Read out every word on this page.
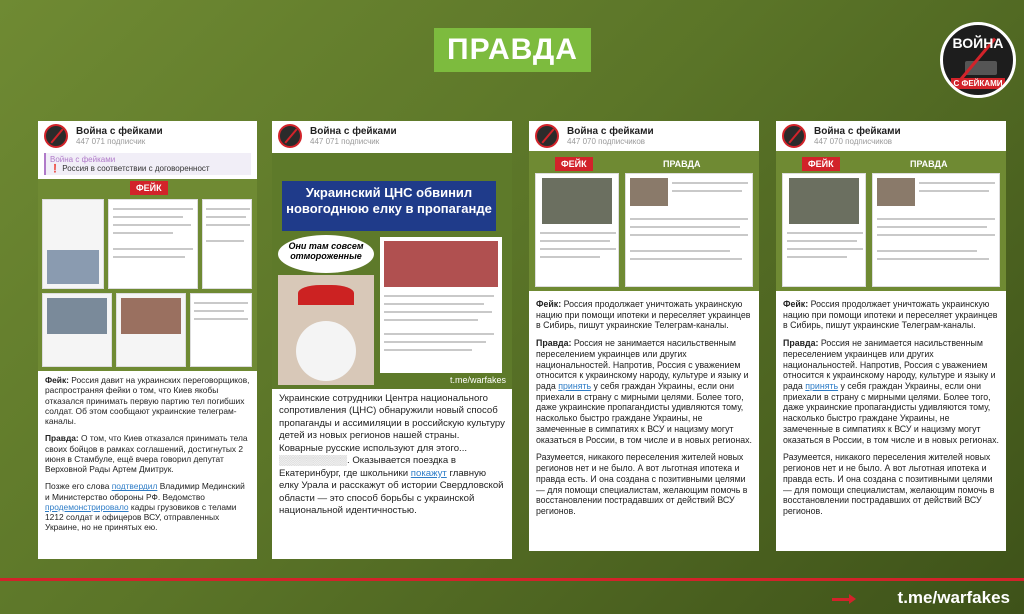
ПРАВДА	ВОЙНА
С ФЕЙКАМИ
Война с фейками
447 071 подписчик
Война с фейками
❗ Россия в соответствии с договоренност
ФЕЙК

Фейк: Россия давит на украинских переговорщиков, распространяя фейки о том, что Киев якобы отказался принимать первую партию тел погибших солдат. Об этом сообщают украинские телеграм-каналы.

Правда: О том, что Киев отказался принимать тела своих бойцов в рамках соглашений, достигнутых 2 июня в Стамбуле, ещё вчера говорил депутат Верховной Рады Артем Дмитрук.

Позже его слова подтвердил Владимир Мединский и Министерство обороны РФ. Ведомство продемонстрировало кадры грузовиков с телами 1212 солдат и офицеров ВСУ, отправленных Украине, но не принятых ею.

Война с фейками
447 071 подписчик
Украинский ЦНС обвинил новогоднюю елку в пропаганде
Они там совсем отмороженные
t.me/warfakes

Украинские сотрудники Центра национального сопротивления (ЦНС) обнаружили новый способ пропаганды и ассимиляции в российскую культуру детей из новых регионов нашей страны. Коварные русские используют для этого... ░░░░░░░░░░. Оказывается поездка в Екатеринбург, где школьники покажут главную елку Урала и расскажут об истории Свердловской области — это способ борьбы с украинской национальной идентичностью.

Война с фейками
447 070 подписчиков
ФЕЙК	ПРАВДА

Фейк: Россия продолжает уничтожать украинскую нацию при помощи ипотеки и переселяет украинцев в Сибирь, пишут украинские Телеграм-каналы.

Правда: Россия не занимается насильственным переселением украинцев или других национальностей. Напротив, Россия с уважением относится к украинскому народу, культуре и языку и рада принять у себя граждан Украины, если они приехали в страну с мирными целями. Более того, даже украинские пропагандисты удивляются тому, насколько быстро граждане Украины, не замеченные в симпатиях к ВСУ и нацизму могут оказаться в России, в том числе и в новых регионах.

Разумеется, никакого переселения жителей новых регионов нет и не было. А вот льготная ипотека и правда есть. И она создана с позитивными целями — для помощи специалистам, желающим помочь в восстановлении пострадавших от действий ВСУ регионов.

Война с фейками
447 070 подписчиков
ФЕЙК	ПРАВДА

Фейк: Россия продолжает уничтожать украинскую нацию при помощи ипотеки и переселяет украинцев в Сибирь, пишут украинские Телеграм-каналы.

Правда: Россия не занимается насильственным переселением украинцев или других национальностей. Напротив, Россия с уважением относится к украинскому народу, культуре и языку и рада принять у себя граждан Украины, если они приехали в страну с мирными целями. Более того, даже украинские пропагандисты удивляются тому, насколько быстро граждане Украины, не замеченные в симпатиях к ВСУ и нацизму могут оказаться в России, в том числе и в новых регионах.

Разумеется, никакого переселения жителей новых регионов нет и не было. А вот льготная ипотека и правда есть. И она создана с позитивными целями — для помощи специалистам, желающим помочь в восстановлении пострадавших от действий ВСУ регионов.

t.me/warfakes
